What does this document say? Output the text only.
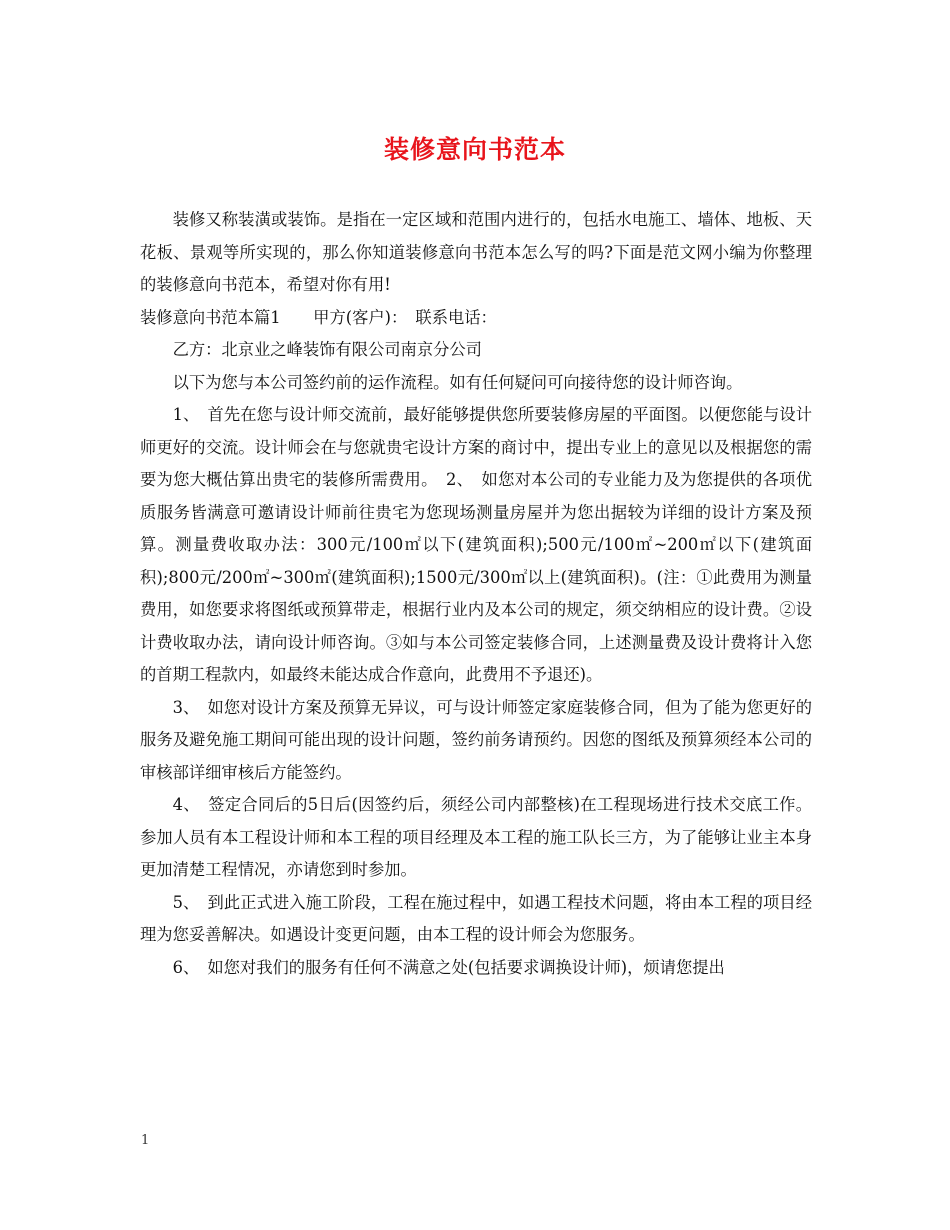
装修意向书范本

装修又称装潢或装饰。是指在一定区域和范围内进行的，包括水电施工、墙体、地板、天花板、景观等所实现的，那么你知道装修意向书范本怎么写的吗?下面是范文网小编为你整理的装修意向书范本，希望对你有用!

装修意向书范本篇1　　甲方(客户)：　联系电话：

乙方：北京业之峰装饰有限公司南京分公司

以下为您与本公司签约前的运作流程。如有任何疑问可向接待您的设计师咨询。

1、　首先在您与设计师交流前，最好能够提供您所要装修房屋的平面图。以便您能与设计师更好的交流。设计师会在与您就贵宅设计方案的商讨中，提出专业上的意见以及根据您的需要为您大概估算出贵宅的装修所需费用。　2、　如您对本公司的专业能力及为您提供的各项优质服务皆满意可邀请设计师前往贵宅为您现场测量房屋并为您出据较为详细的设计方案及预算。测量费收取办法：300元/100㎡以下(建筑面积);500元/100㎡~200㎡以下(建筑面积);800元/200㎡~300㎡(建筑面积);1500元/300㎡以上(建筑面积)。(注：①此费用为测量费用，如您要求将图纸或预算带走，根据行业内及本公司的规定，须交纳相应的设计费。②设计费收取办法，请向设计师咨询。③如与本公司签定装修合同，上述测量费及设计费将计入您的首期工程款内，如最终未能达成合作意向，此费用不予退还)。

3、　如您对设计方案及预算无异议，可与设计师签定家庭装修合同，但为了能为您更好的服务及避免施工期间可能出现的设计问题，签约前务请预约。因您的图纸及预算须经本公司的审核部详细审核后方能签约。

4、　签定合同后的5日后(因签约后，须经公司内部整核)在工程现场进行技术交底工作。参加人员有本工程设计师和本工程的项目经理及本工程的施工队长三方，为了能够让业主本身更加清楚工程情况，亦请您到时参加。

5、　到此正式进入施工阶段，工程在施过程中，如遇工程技术问题，将由本工程的项目经理为您妥善解决。如遇设计变更问题，由本工程的设计师会为您服务。

6、　如您对我们的服务有任何不满意之处(包括要求调换设计师)，烦请您提出

1
